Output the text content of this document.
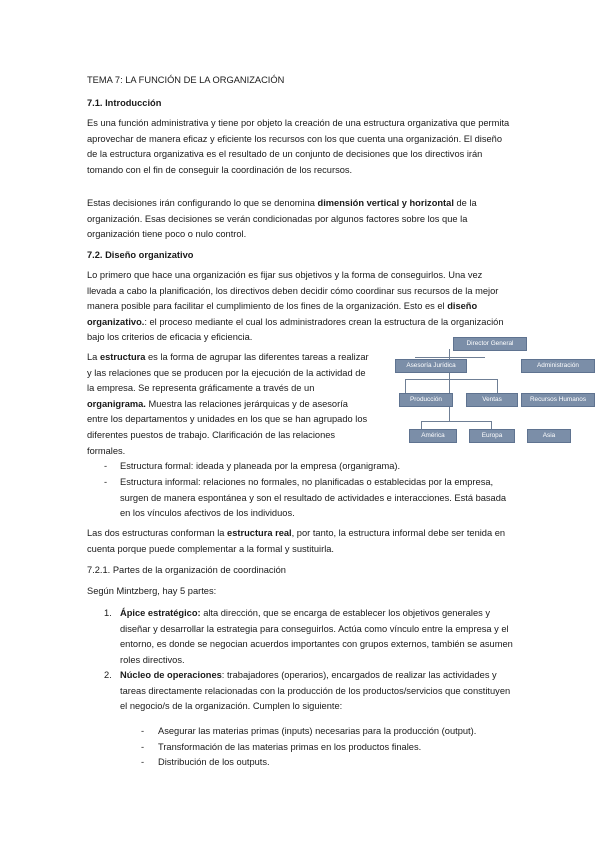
TEMA 7: LA FUNCIÓN DE LA ORGANIZACIÓN

7.1. Introducción

Es una función administrativa y tiene por objeto la creación de una estructura organizativa que permita aprovechar de manera eficaz y eficiente los recursos con los que cuenta una organización. El diseño de la estructura organizativa es el resultado de un conjunto de decisiones que los directivos irán tomando con el fin de conseguir la coordinación de los recursos.

Estas decisiones irán configurando lo que se denomina dimensión vertical y horizontal de la organización. Esas decisiones se verán condicionadas por algunos factores sobre los que la organización tiene poco o nulo control.

7.2. Diseño organizativo

Lo primero que hace una organización es fijar sus objetivos y la forma de conseguirlos. Una vez llevada a cabo la planificación, los directivos deben decidir cómo coordinar sus recursos de la mejor manera posible para facilitar el cumplimiento de los fines de la organización. Esto es el diseño organizativo.: el proceso mediante el cual los administradores crean la estructura de la organización bajo los criterios de eficacia y eficiencia.

La estructura es la forma de agrupar las diferentes tareas a realizar y las relaciones que se producen por la ejecución de la actividad de la empresa. Se representa gráficamente a través de un organigrama. Muestra las relaciones jerárquicas y de asesoría entre los departamentos y unidades en los que se han agrupado los diferentes puestos de trabajo. Clarificación de las relaciones formales.

Director General
Asesoría Jurídica	Administración
Producción	Ventas	Recursos Humanos
América	Europa	Asia
- Estructura formal: ideada y planeada por la empresa (organigrama).

- Estructura informal: relaciones no formales, no planificadas o establecidas por la empresa, surgen de manera espontánea y son el resultado de actividades e interacciones. Está basada en los vínculos afectivos de los individuos.

Las dos estructuras conforman la estructura real, por tanto, la estructura informal debe ser tenida en cuenta porque puede complementar a la formal y sustituirla.

7.2.1. Partes de la organización de coordinación

Según Mintzberg, hay 5 partes:

1. Ápice estratégico: alta dirección, que se encarga de establecer los objetivos generales y diseñar y desarrollar la estrategia para conseguirlos. Actúa como vínculo entre la empresa y el entorno, es donde se negocian acuerdos importantes con grupos externos, también se asumen roles directivos.

2. Núcleo de operaciones: trabajadores (operarios), encargados de realizar las actividades y tareas directamente relacionadas con la producción de los productos/servicios que constituyen el negocio/s de la organización. Cumplen lo siguiente:

- Asegurar las materias primas (inputs) necesarias para la producción (output).

- Transformación de las materias primas en los productos finales.

- Distribución de los outputs.
